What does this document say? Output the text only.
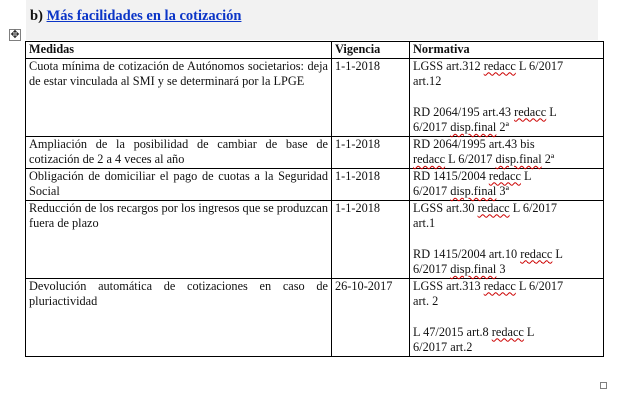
b) Más facilidades en la cotización
✥
Medidas	Vigencia	Normativa
Cuota mínima de cotización de Autónomos societarios: deja de estar vinculada al SMI y se determinará por la LPGE	1-1-2018	LGSS art.312 redacc L 6/2017
art.12
RD 2064/195 art.43 redacc L
6/2017 disp.final 2ª

Ampliación de la posibilidad de cambiar de base de cotización de 2 a 4 veces al año	1-1-2018	RD 2064/1995 art.43 bis
redacc L 6/2017 disp.final 2ª

Obligación de domiciliar el pago de cuotas a la Seguridad Social	1-1-2018	RD 1415/2004 redacc L
6/2017 disp.final 3ª

Reducción de los recargos por los ingresos que se produzcan fuera de plazo	1-1-2018	LGSS art.30 redacc L 6/2017
art.1
RD 1415/2004 art.10 redacc L
6/2017 disp.final 3

Devolución automática de cotizaciones en caso de pluriactividad	26-10-2017	LGSS art.313 redacc L 6/2017
art. 2
L 47/2015 art.8 redacc L
6/2017 art.2
